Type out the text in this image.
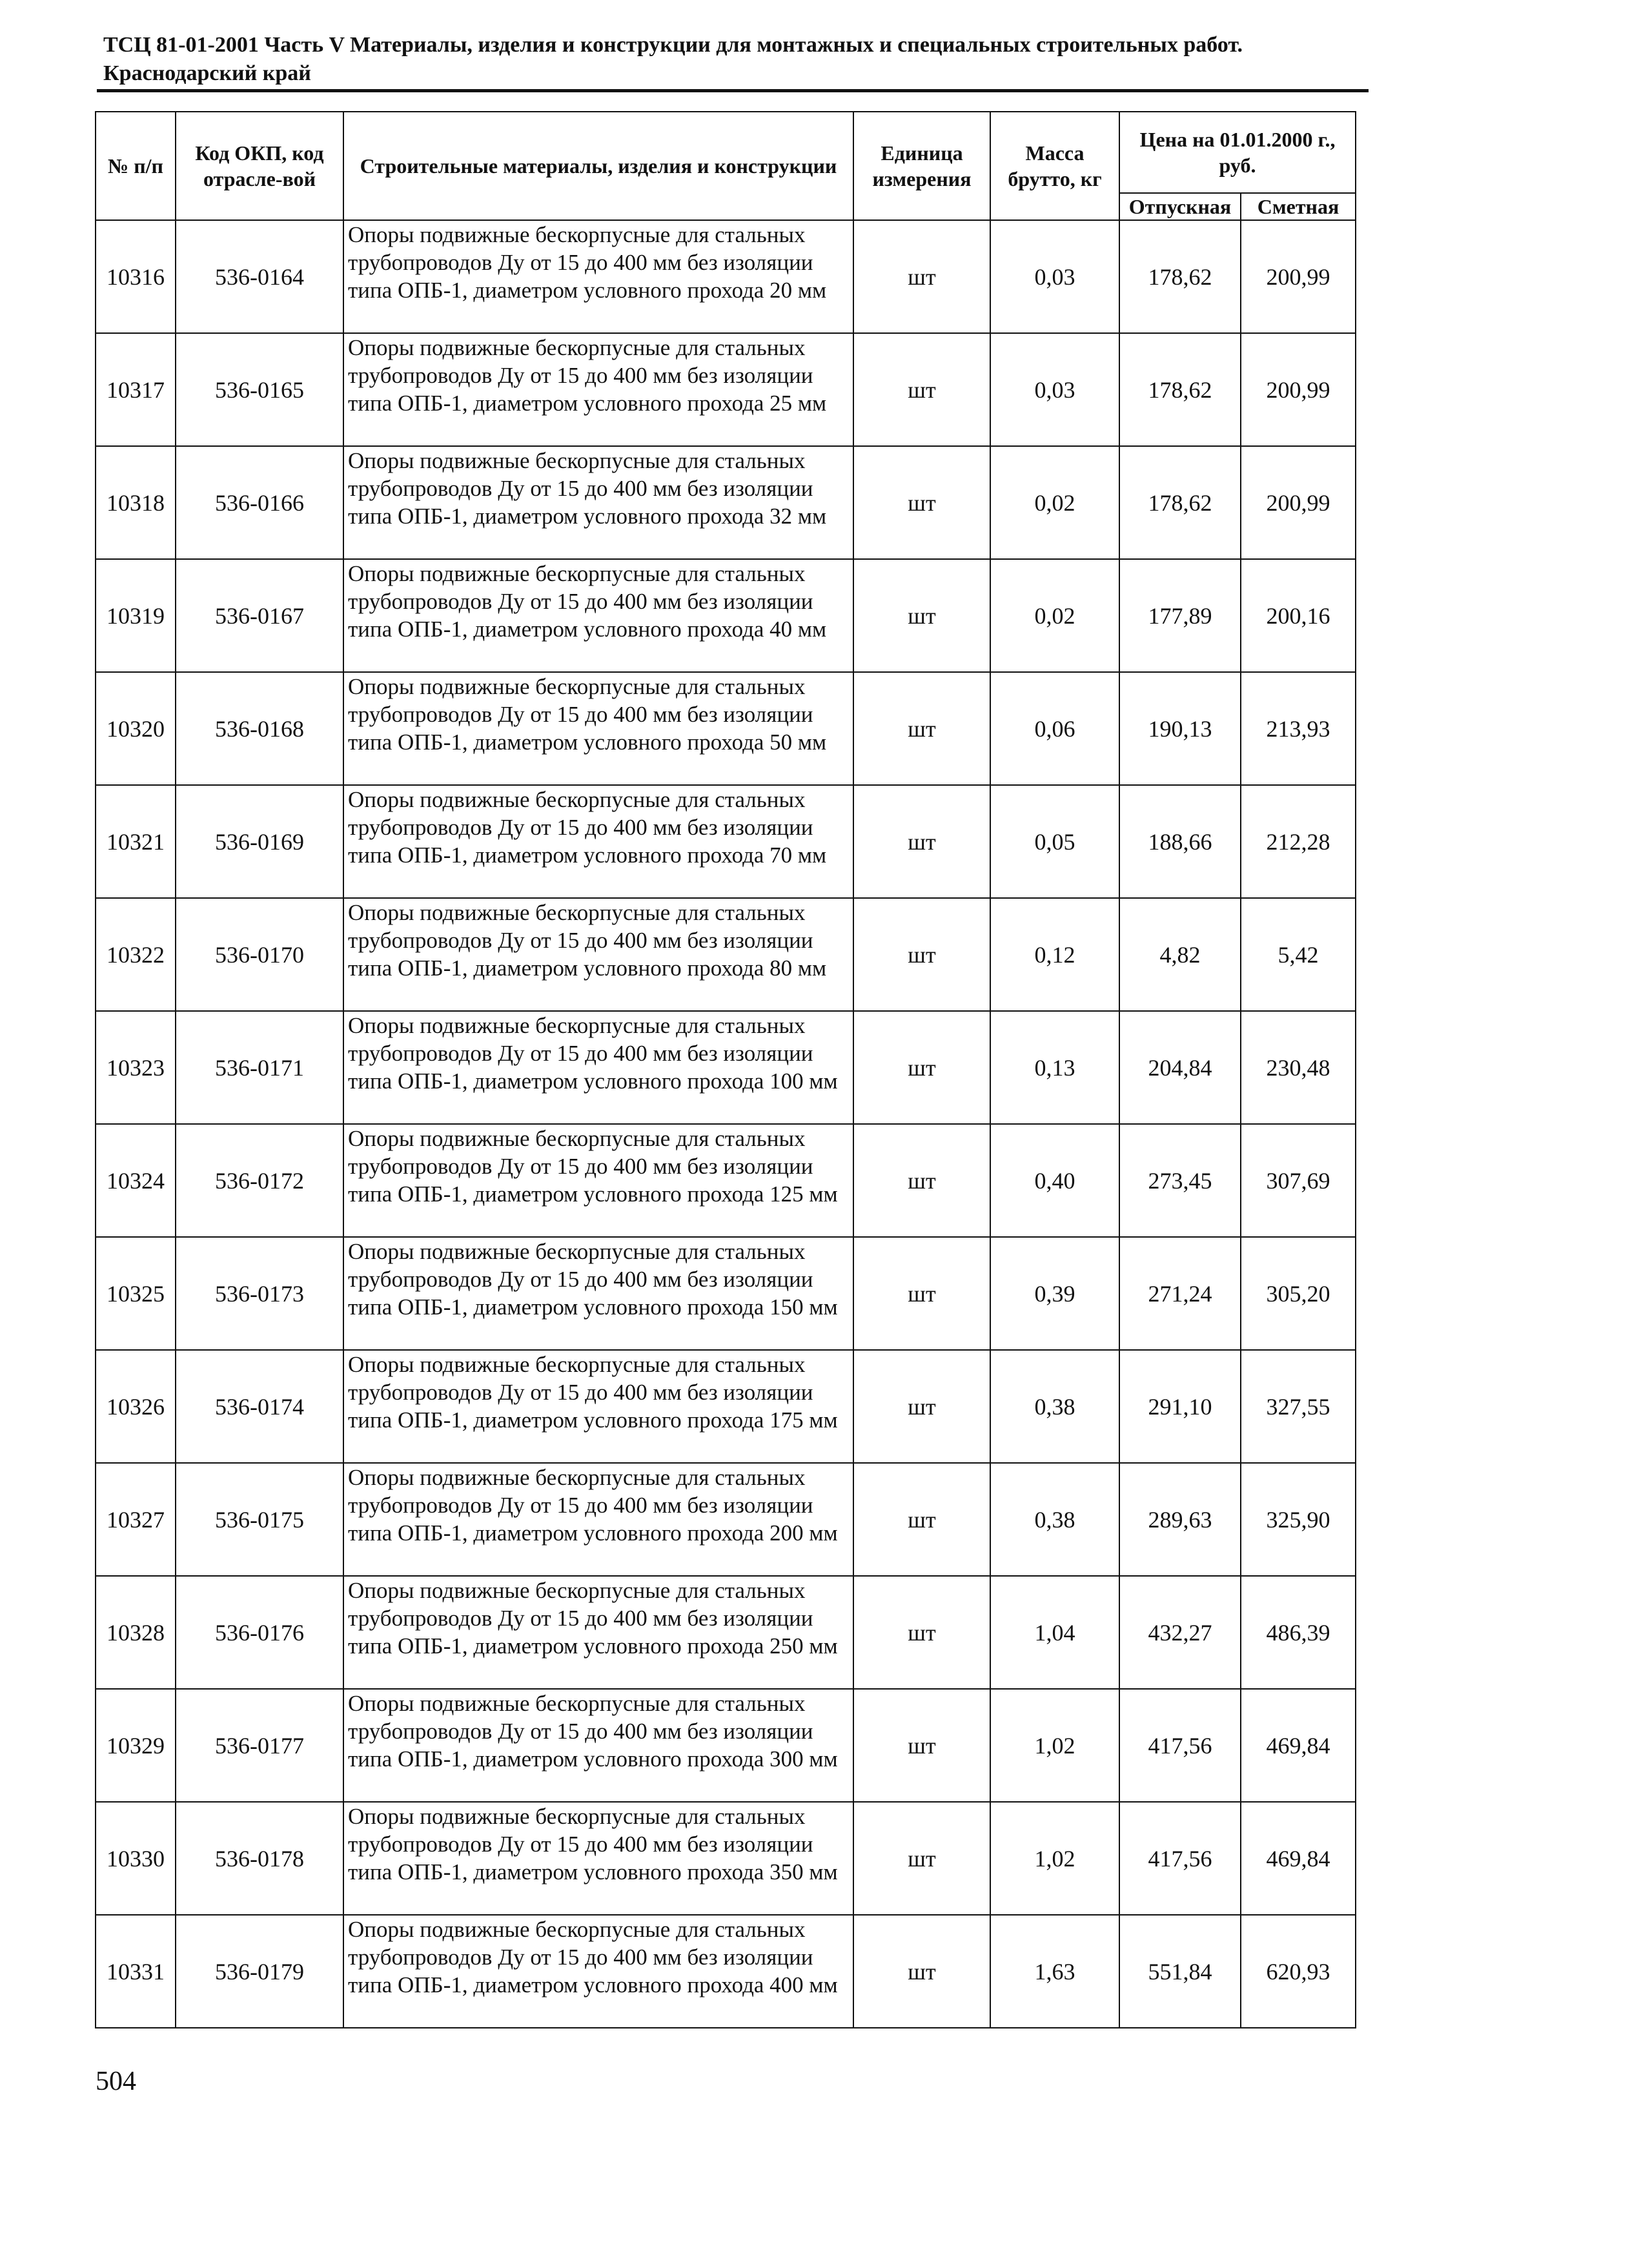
ТСЦ 81-01-2001 Часть V Материалы, изделия и конструкции для монтажных и специальных строительных работ.
Краснодарский край
№ п/п	Код ОКП, код отрасле-вой	Строительные материалы, изделия и конструкции	Единица измерения	Масса брутто, кг	Цена на 01.01.2000 г., руб.	
					Отпускная	Сметная
10316	536-0164	Опоры подвижные бескорпусные для стальных трубопроводов Ду от 15 до 400 мм без изоляции типа ОПБ-1, диаметром условного прохода 20 мм	шт	0,03	178,62	200,99
10317	536-0165	Опоры подвижные бескорпусные для стальных трубопроводов Ду от 15 до 400 мм без изоляции типа ОПБ-1, диаметром условного прохода 25 мм	шт	0,03	178,62	200,99
10318	536-0166	Опоры подвижные бескорпусные для стальных трубопроводов Ду от 15 до 400 мм без изоляции типа ОПБ-1, диаметром условного прохода 32 мм	шт	0,02	178,62	200,99
10319	536-0167	Опоры подвижные бескорпусные для стальных трубопроводов Ду от 15 до 400 мм без изоляции типа ОПБ-1, диаметром условного прохода 40 мм	шт	0,02	177,89	200,16
10320	536-0168	Опоры подвижные бескорпусные для стальных трубопроводов Ду от 15 до 400 мм без изоляции типа ОПБ-1, диаметром условного прохода 50 мм	шт	0,06	190,13	213,93
10321	536-0169	Опоры подвижные бескорпусные для стальных трубопроводов Ду от 15 до 400 мм без изоляции типа ОПБ-1, диаметром условного прохода 70 мм	шт	0,05	188,66	212,28
10322	536-0170	Опоры подвижные бескорпусные для стальных трубопроводов Ду от 15 до 400 мм без изоляции типа ОПБ-1, диаметром условного прохода 80 мм	шт	0,12	4,82	5,42
10323	536-0171	Опоры подвижные бескорпусные для стальных трубопроводов Ду от 15 до 400 мм без изоляции типа ОПБ-1, диаметром условного прохода 100 мм	шт	0,13	204,84	230,48
10324	536-0172	Опоры подвижные бескорпусные для стальных трубопроводов Ду от 15 до 400 мм без изоляции типа ОПБ-1, диаметром условного прохода 125 мм	шт	0,40	273,45	307,69
10325	536-0173	Опоры подвижные бескорпусные для стальных трубопроводов Ду от 15 до 400 мм без изоляции типа ОПБ-1, диаметром условного прохода 150 мм	шт	0,39	271,24	305,20
10326	536-0174	Опоры подвижные бескорпусные для стальных трубопроводов Ду от 15 до 400 мм без изоляции типа ОПБ-1, диаметром условного прохода 175 мм	шт	0,38	291,10	327,55
10327	536-0175	Опоры подвижные бескорпусные для стальных трубопроводов Ду от 15 до 400 мм без изоляции типа ОПБ-1, диаметром условного прохода 200 мм	шт	0,38	289,63	325,90
10328	536-0176	Опоры подвижные бескорпусные для стальных трубопроводов Ду от 15 до 400 мм без изоляции типа ОПБ-1, диаметром условного прохода 250 мм	шт	1,04	432,27	486,39
10329	536-0177	Опоры подвижные бескорпусные для стальных трубопроводов Ду от 15 до 400 мм без изоляции типа ОПБ-1, диаметром условного прохода 300 мм	шт	1,02	417,56	469,84
10330	536-0178	Опоры подвижные бескорпусные для стальных трубопроводов Ду от 15 до 400 мм без изоляции типа ОПБ-1, диаметром условного прохода 350 мм	шт	1,02	417,56	469,84
10331	536-0179	Опоры подвижные бескорпусные для стальных трубопроводов Ду от 15 до 400 мм без изоляции типа ОПБ-1, диаметром условного прохода 400 мм	шт	1,63	551,84	620,93
504
